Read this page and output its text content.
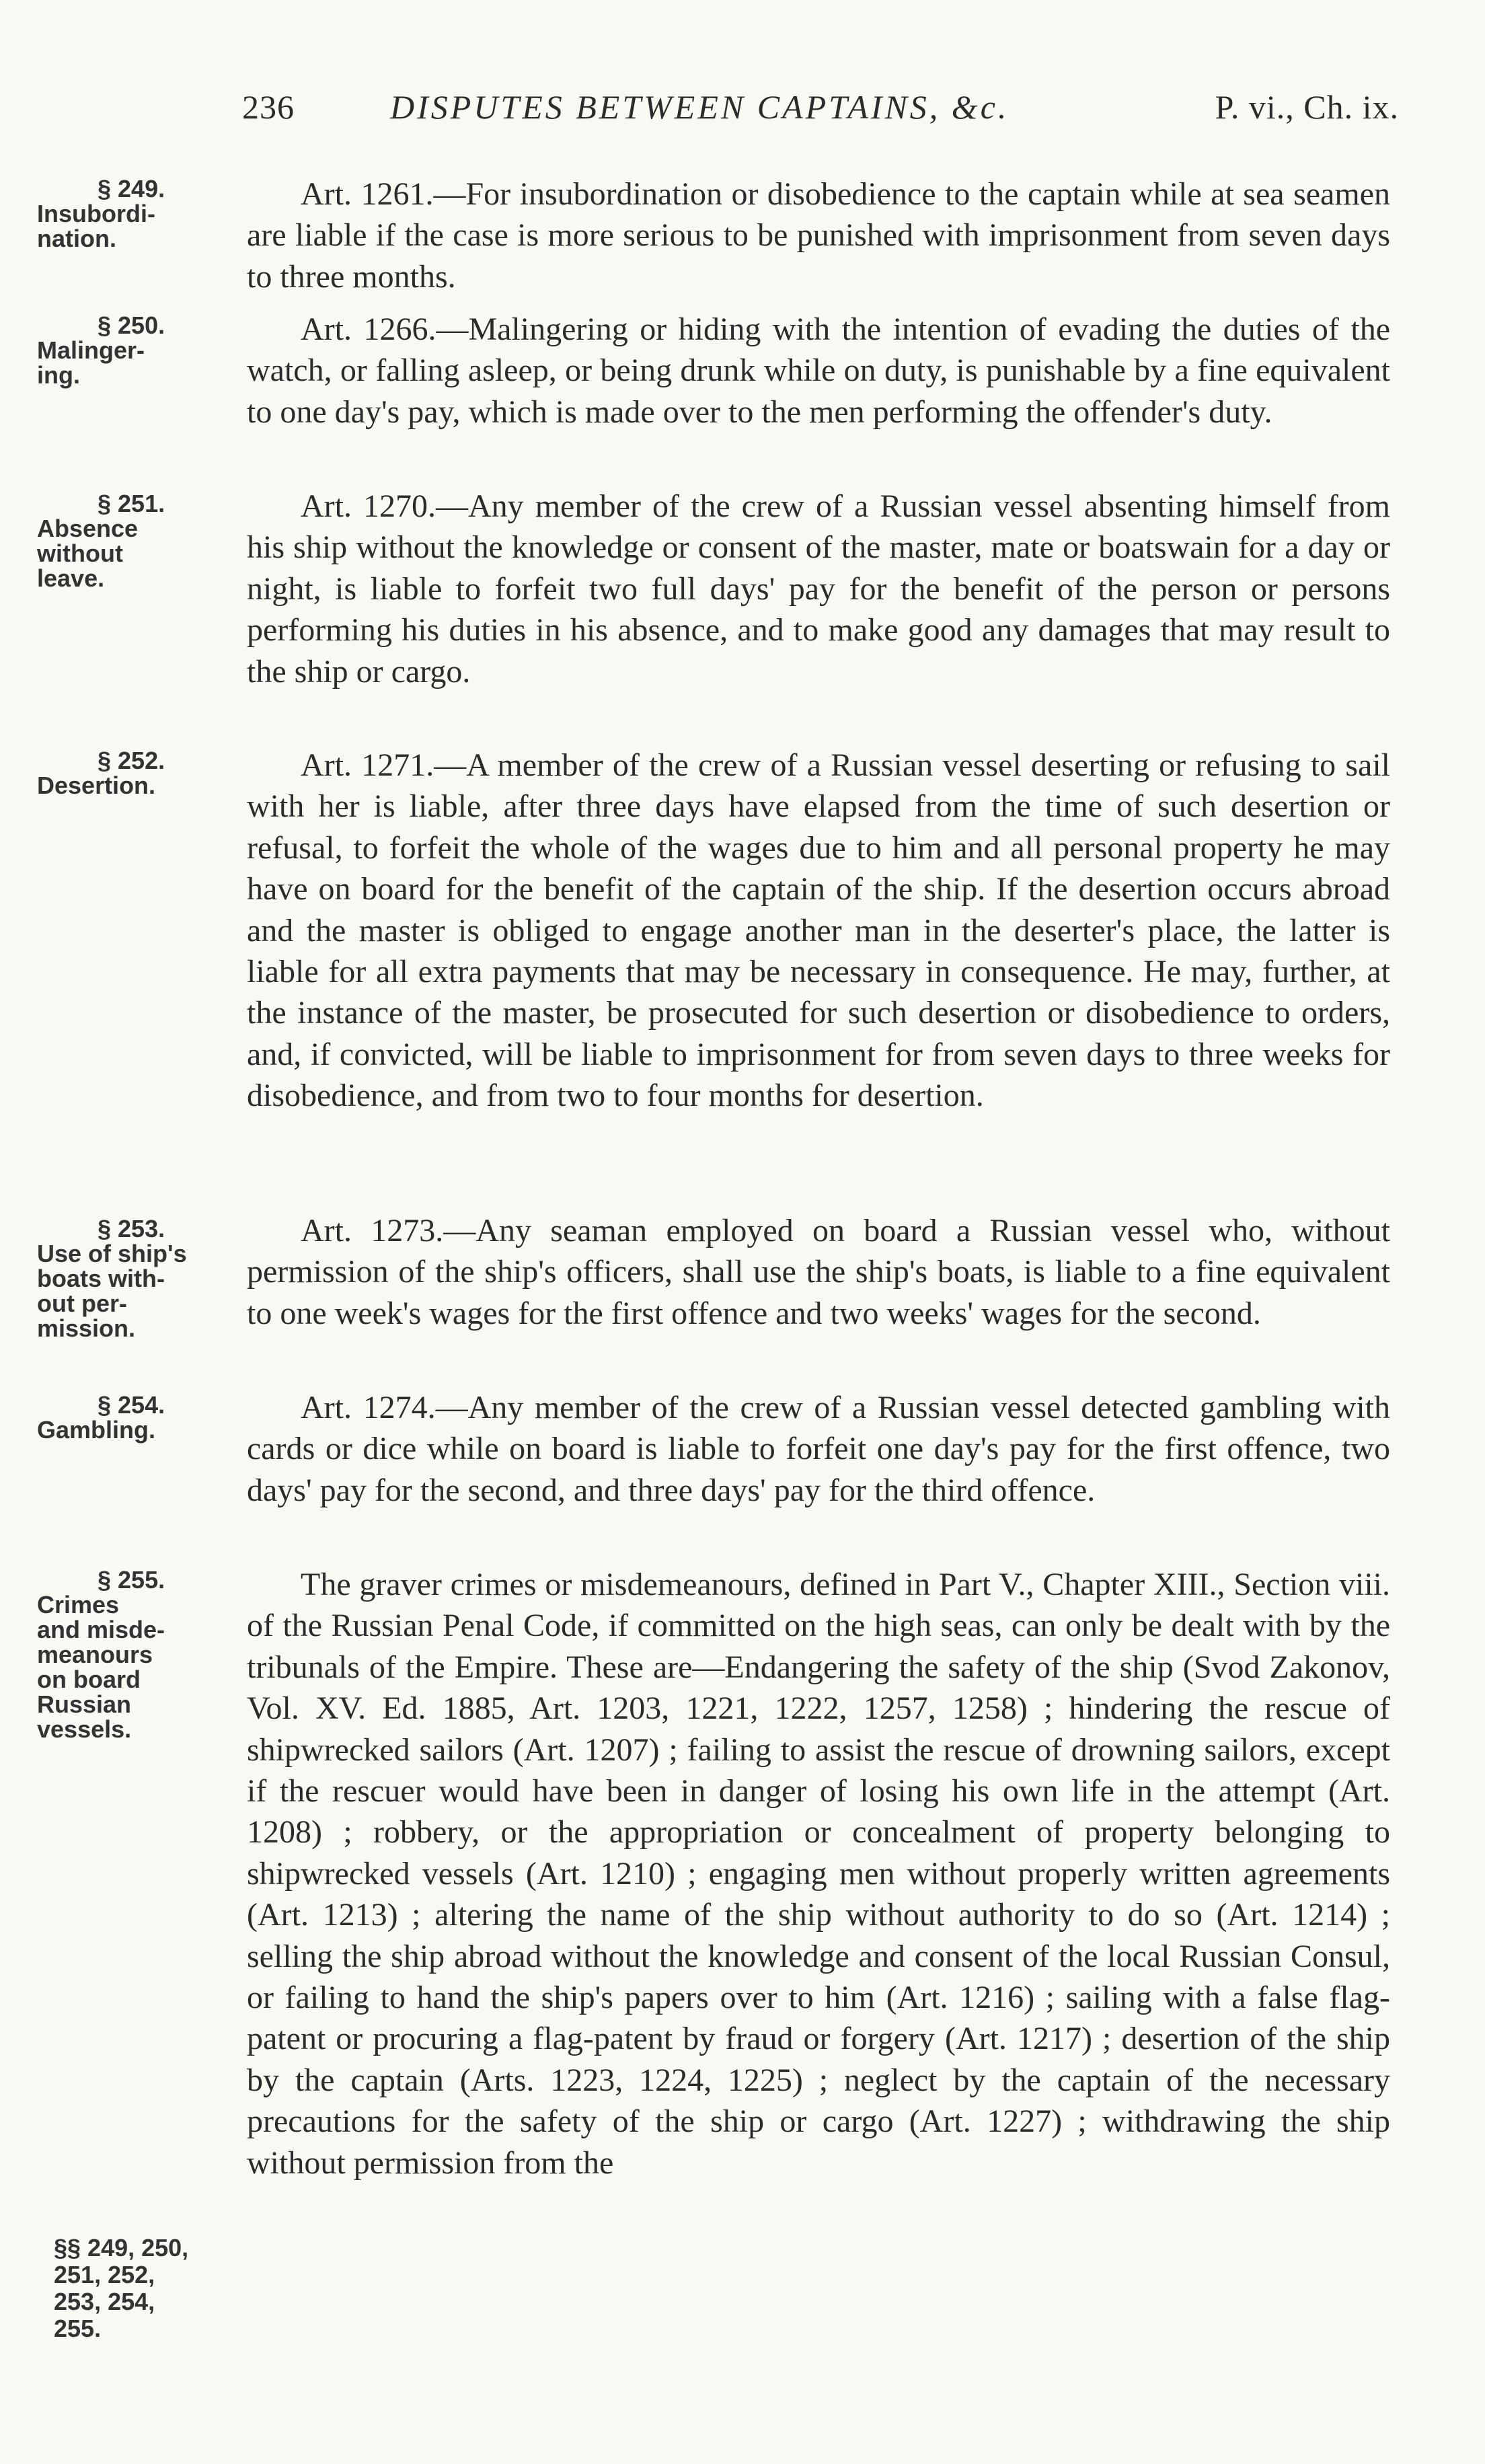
236	DISPUTES BETWEEN CAPTAINS, &c.	P. vi., Ch. ix.
§ 249.
Insubordi-
nation.

Art. 1261.—For insubordination or disobedience to the captain while at sea seamen are liable if the case is more serious to be punished with imprisonment from seven days to three months.

§ 250.
Malinger-
ing.

Art. 1266.—Malingering or hiding with the intention of evading the duties of the watch, or falling asleep, or being drunk while on duty, is punishable by a fine equivalent to one day's pay, which is made over to the men performing the offender's duty.

§ 251.
Absence
without
leave.

Art. 1270.—Any member of the crew of a Russian vessel absenting himself from his ship without the knowledge or consent of the master, mate or boatswain for a day or night, is liable to forfeit two full days' pay for the benefit of the person or persons performing his duties in his absence, and to make good any damages that may result to the ship or cargo.

§ 252.
Desertion.

Art. 1271.—A member of the crew of a Russian vessel deserting or refusing to sail with her is liable, after three days have elapsed from the time of such desertion or refusal, to forfeit the whole of the wages due to him and all personal property he may have on board for the benefit of the captain of the ship. If the desertion occurs abroad and the master is obliged to engage another man in the deserter's place, the latter is liable for all extra payments that may be necessary in consequence. He may, further, at the instance of the master, be prosecuted for such desertion or disobedience to orders, and, if convicted, will be liable to imprisonment for from seven days to three weeks for disobedience, and from two to four months for desertion.

§ 253.
Use of ship's
boats with-
out per-
mission.

Art. 1273.—Any seaman employed on board a Russian vessel who, without permission of the ship's officers, shall use the ship's boats, is liable to a fine equivalent to one week's wages for the first offence and two weeks' wages for the second.

§ 254.
Gambling.

Art. 1274.—Any member of the crew of a Russian vessel detected gambling with cards or dice while on board is liable to forfeit one day's pay for the first offence, two days' pay for the second, and three days' pay for the third offence.

§ 255.
Crimes
and misde-
meanours
on board
Russian
vessels.

The graver crimes or misdemeanours, defined in Part V., Chapter XIII., Section viii. of the Russian Penal Code, if committed on the high seas, can only be dealt with by the tribunals of the Empire. These are—Endangering the safety of the ship (Svod Zakonov, Vol. XV. Ed. 1885, Art. 1203, 1221, 1222, 1257, 1258) ; hindering the rescue of shipwrecked sailors (Art. 1207) ; failing to assist the rescue of drowning sailors, except if the rescuer would have been in danger of losing his own life in the attempt (Art. 1208) ; robbery, or the appropriation or concealment of property belonging to shipwrecked vessels (Art. 1210) ; engaging men without properly written agreements (Art. 1213) ; altering the name of the ship without authority to do so (Art. 1214) ; selling the ship abroad without the knowledge and consent of the local Russian Consul, or failing to hand the ship's papers over to him (Art. 1216) ; sailing with a false flag-patent or procuring a flag-patent by fraud or forgery (Art. 1217) ; desertion of the ship by the captain (Arts. 1223, 1224, 1225) ; neglect by the captain of the necessary precautions for the safety of the ship or cargo (Art. 1227) ; withdrawing the ship without permission from the

§§ 249, 250,
251, 252,
253, 254,
255.
